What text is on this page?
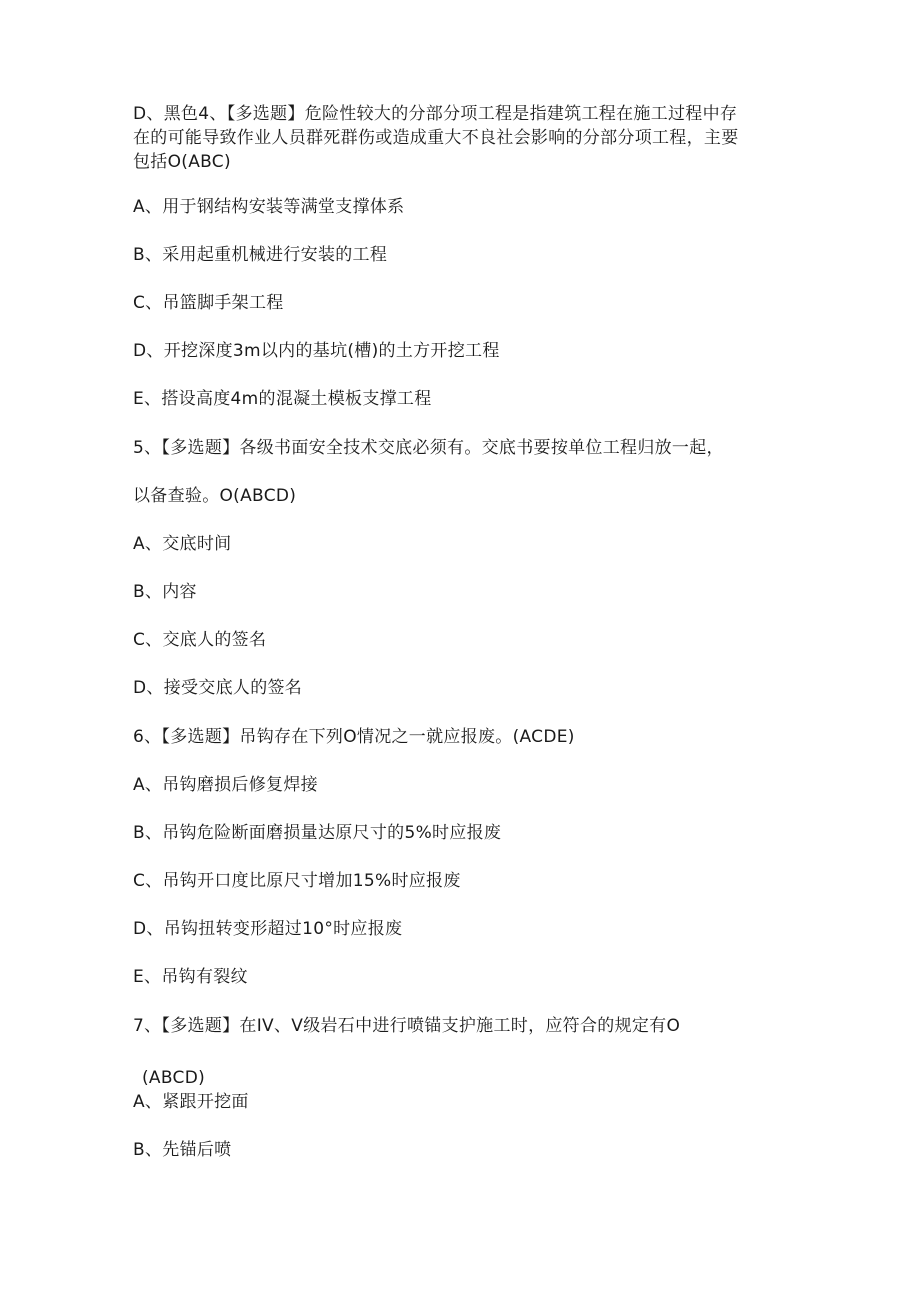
D、黑色4、【多选题】危险性较大的分部分项工程是指建筑工程在施工过程中存
在的可能导致作业人员群死群伤或造成重大不良社会影响的分部分项工程，主要
包括O(ABC)
A、用于钢结构安装等满堂支撑体系
B、采用起重机械进行安装的工程
C、吊篮脚手架工程
D、开挖深度3m以内的基坑(槽)的土方开挖工程
E、搭设高度4m的混凝土模板支撑工程
5、【多选题】各级书面安全技术交底必须有。交底书要按单位工程归放一起，
以备查验。O(ABCD)
A、交底时间
B、内容
C、交底人的签名
D、接受交底人的签名
6、【多选题】吊钩存在下列O情况之一就应报废。(ACDE)
A、吊钩磨损后修复焊接
B、吊钩危险断面磨损量达原尺寸的5%时应报废
C、吊钩开口度比原尺寸增加15%时应报废
D、吊钩扭转变形超过10°时应报废
E、吊钩有裂纹
7、【多选题】在IV、V级岩石中进行喷锚支护施工时，应符合的规定有O
(ABCD)
A、紧跟开挖面
B、先锚后喷
